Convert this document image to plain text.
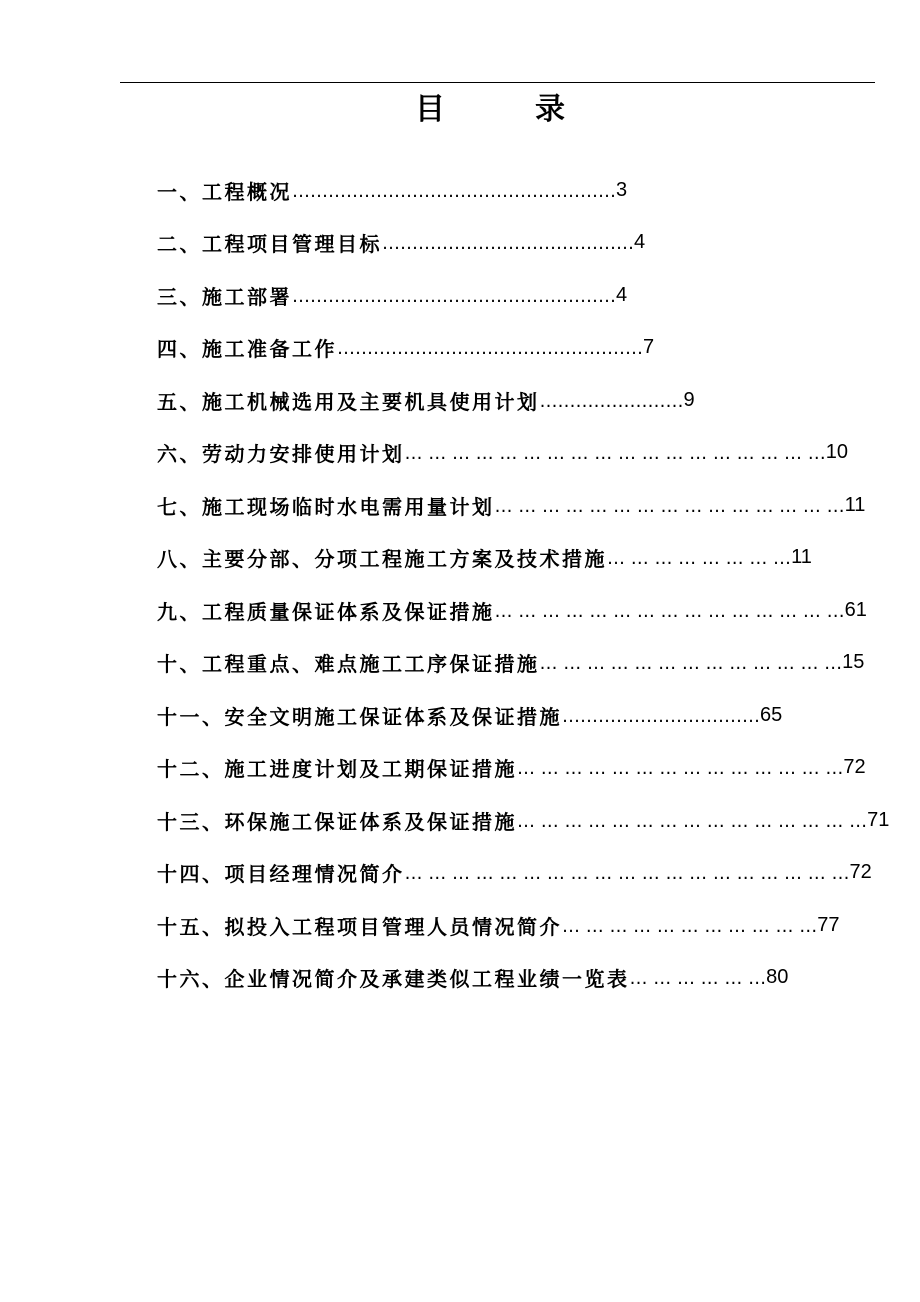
目　　　录
一、工程概况 ……………………………………………… 3
二、工程项目管理目标 …………………………………… 4
三、施工部署 ……………………………………………… 4
四、施工准备工作 …………………………………………… 7
五、施工机械选用及主要机具使用计划 …………………… 9
六、劳动力安排使用计划 … … … … … … … … … … … … … … … … … … 10
七、施工现场临时水电需用量计划 … … … … … … … … … … … … … … … 11
八、主要分部、分项工程施工方案及技术措施 … … … … … … … … 11
九、工程质量保证体系及保证措施 … … … … … … … … … … … … … … … 61
十、工程重点、难点施工工序保证措施 … … … … … … … … … … … … … 15
十一、安全文明施工保证体系及保证措施 …………………………… 65
十二、施工进度计划及工期保证措施 … … … … … … … … … … … … … … 72
十三、环保施工保证体系及保证措施 … … … … … … … … … … … … … … … 71
十四、项目经理情况简介 … … … … … … … … … … … … … … … … … … … 72
十五、拟投入工程项目管理人员情况简介 … … … … … … … … … … … 77
十六、企业情况简介及承建类似工程业绩一览表 … … … … … … 80
